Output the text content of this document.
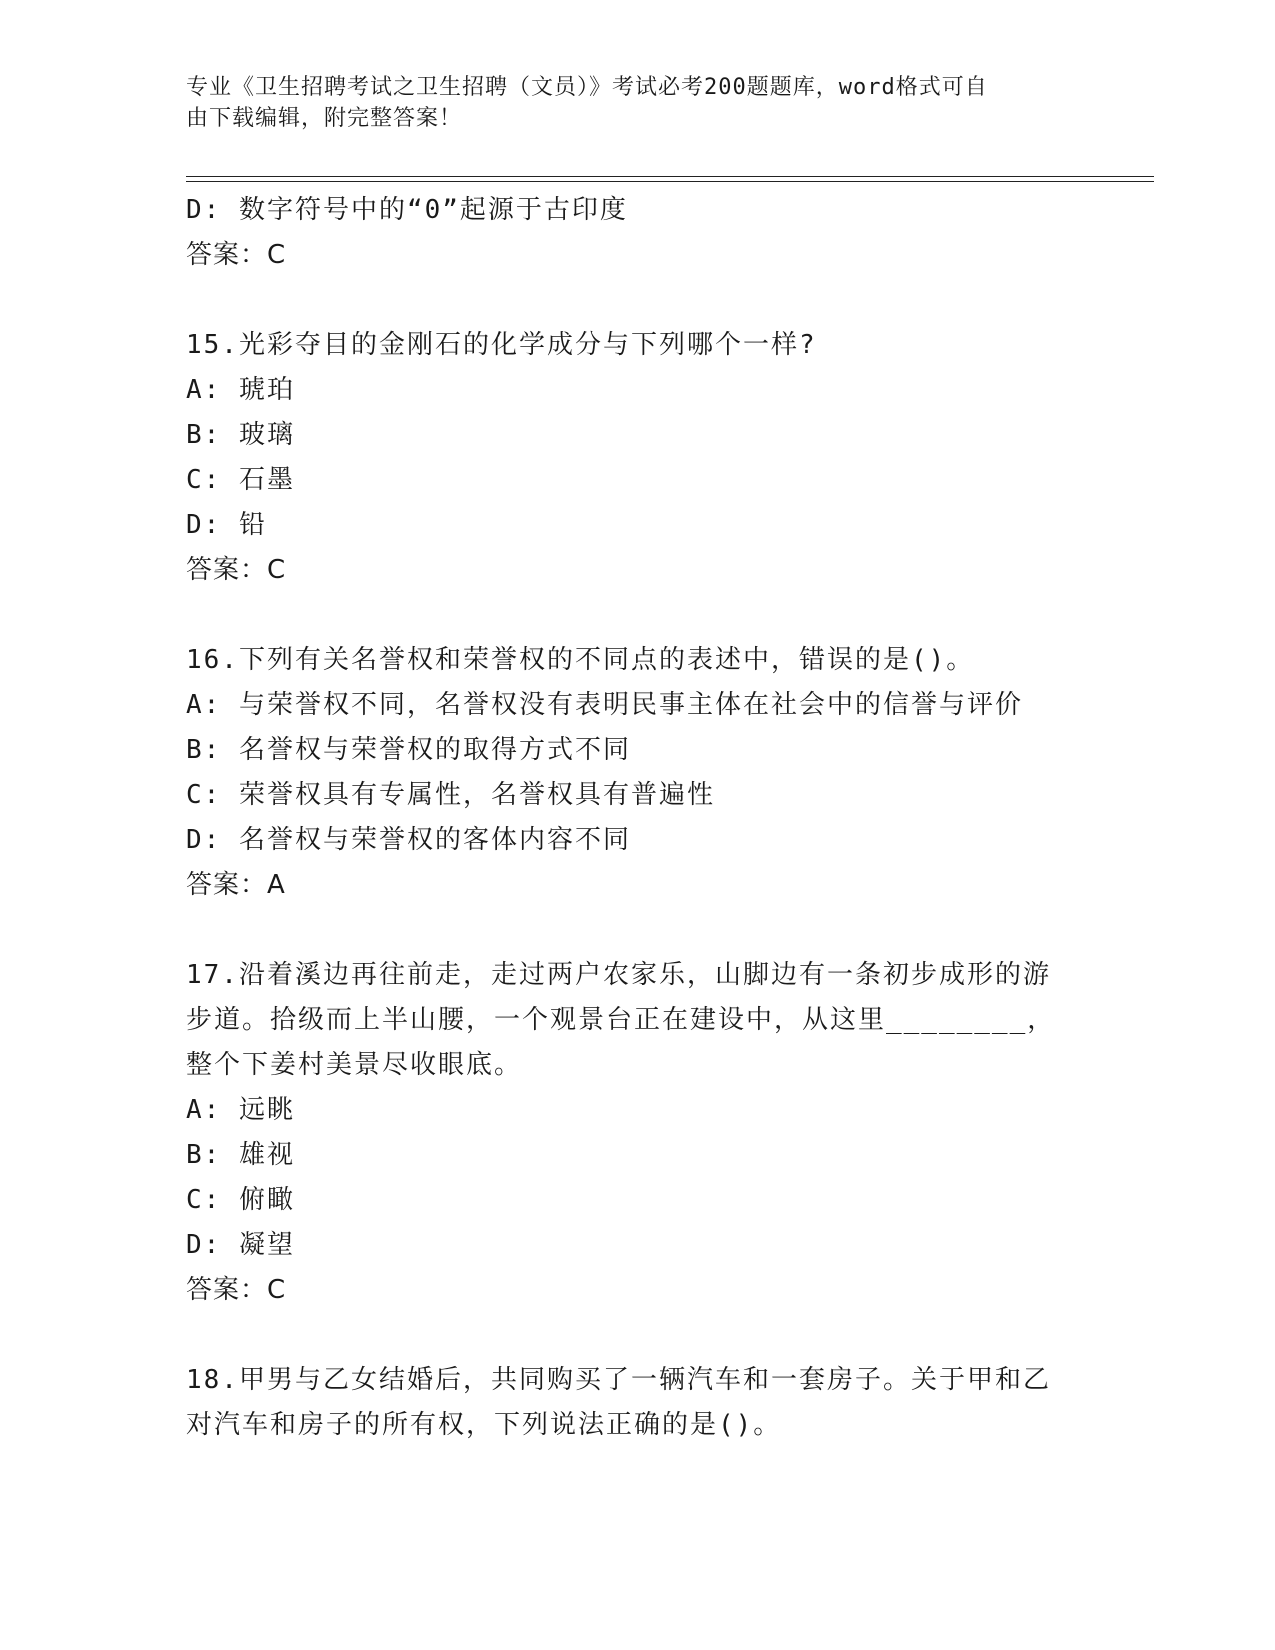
专业《卫生招聘考试之卫生招聘（文员）》考试必考200题题库，word格式可自
由下载编辑，附完整答案！
D: 数字符号中的“0”起源于古印度
答案：C
15.光彩夺目的金刚石的化学成分与下列哪个一样?
A: 琥珀
B: 玻璃
C: 石墨
D: 铅
答案：C
16.下列有关名誉权和荣誉权的不同点的表述中，错误的是()。
A: 与荣誉权不同，名誉权没有表明民事主体在社会中的信誉与评价
B: 名誉权与荣誉权的取得方式不同
C: 荣誉权具有专属性，名誉权具有普遍性
D: 名誉权与荣誉权的客体内容不同
答案：A
17.沿着溪边再往前走，走过两户农家乐，山脚边有一条初步成形的游
步道。拾级而上半山腰，一个观景台正在建设中，从这里________，
整个下姜村美景尽收眼底。
A: 远眺
B: 雄视
C: 俯瞰
D: 凝望
答案：C
18.甲男与乙女结婚后，共同购买了一辆汽车和一套房子。关于甲和乙
对汽车和房子的所有权，下列说法正确的是()。
